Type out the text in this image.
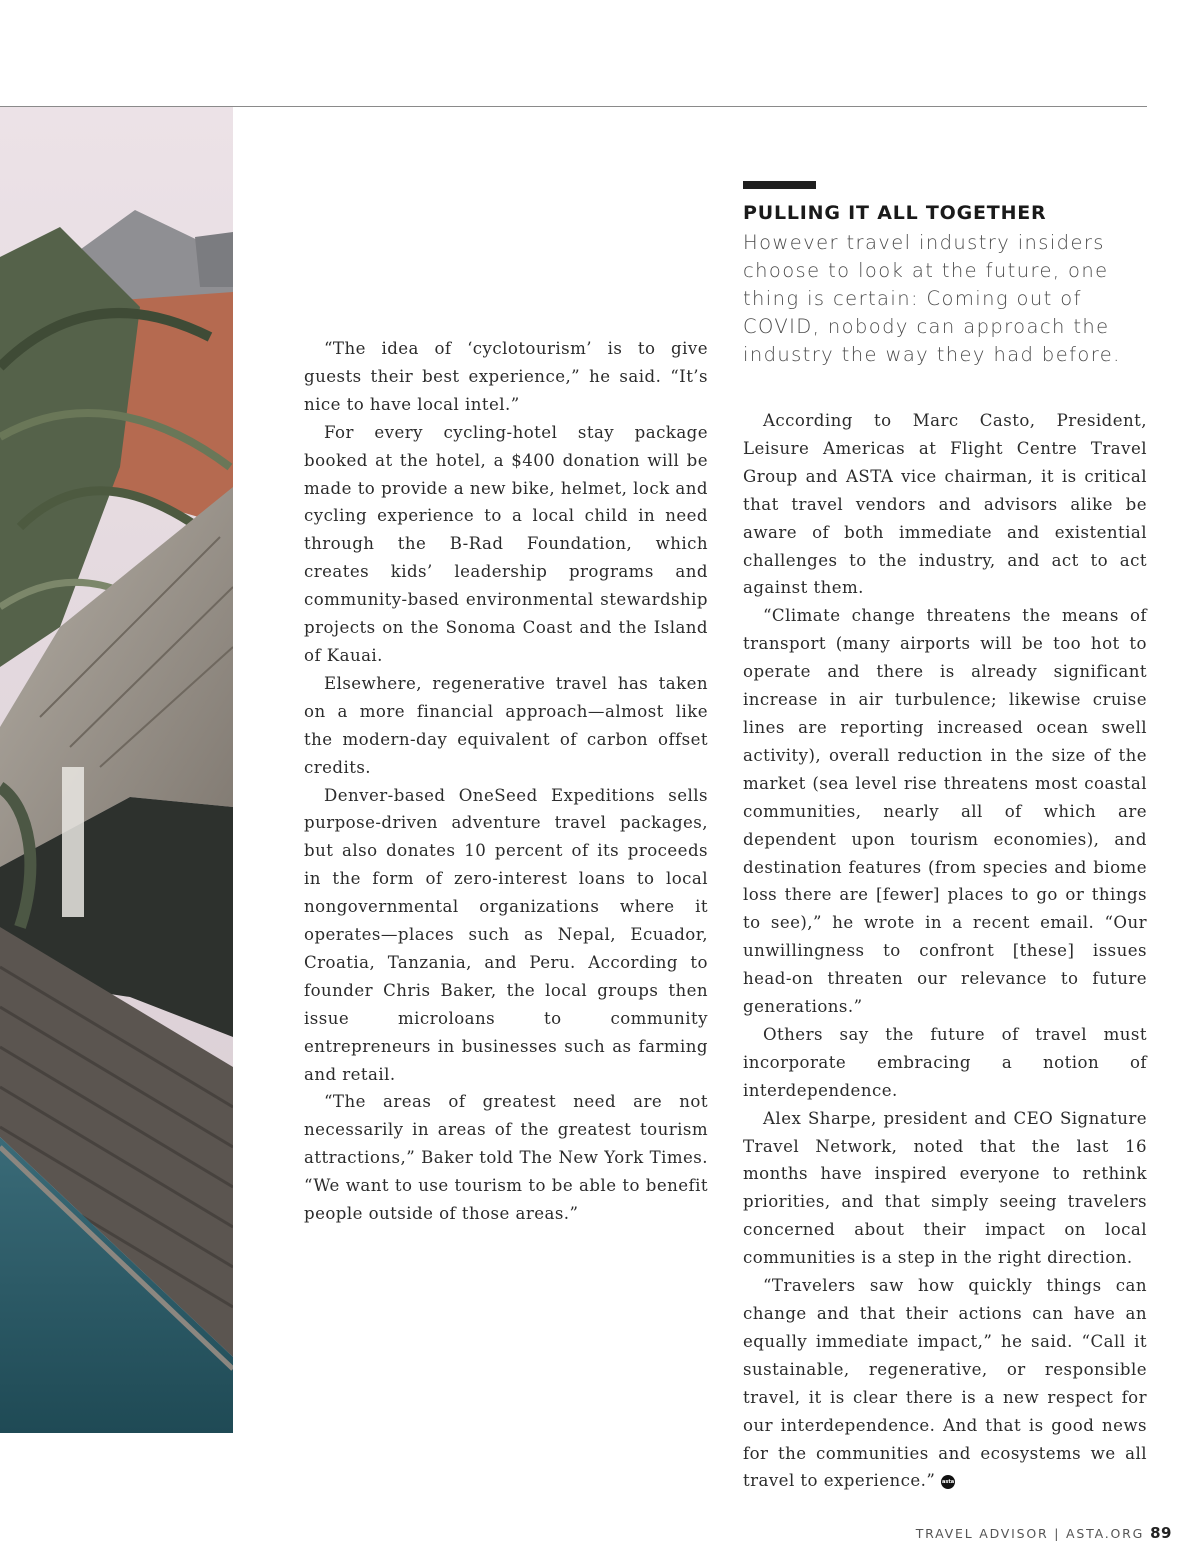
“The idea of ‘cyclotourism’ is to give guests their best experience,” he said. “It’s nice to have local intel.”

For every cycling-hotel stay package booked at the hotel, a $400 donation will be made to provide a new bike, helmet, lock and cycling experience to a local child in need through the B-Rad Foundation, which creates kids’ leadership programs and community-based environmental stewardship projects on the Sonoma Coast and the Island of Kauai.

Elsewhere, regenerative travel has taken on a more financial approach—almost like the modern-day equivalent of carbon offset credits.

Denver-based OneSeed Expeditions sells purpose-driven adventure travel packages, but also donates 10 percent of its proceeds in the form of zero-interest loans to local nongovernmental organizations where it operates—places such as Nepal, Ecuador, Croatia, Tanzania, and Peru. According to founder Chris Baker, the local groups then issue microloans to community entrepreneurs in businesses such as farming and retail.

“The areas of greatest need are not necessarily in areas of the greatest tourism attractions,” Baker told The New York Times. “We want to use tourism to be able to benefit people outside of those areas.”

PULLING IT ALL TOGETHER

However travel industry insiders choose to look at the future, one thing is certain: Coming out of COVID, nobody can approach the industry the way they had before.

According to Marc Casto, President, Leisure Americas at Flight Centre Travel Group and ASTA vice chairman, it is critical that travel vendors and advisors alike be aware of both immediate and existential challenges to the industry, and act to act against them.

“Climate change threatens the means of transport (many airports will be too hot to operate and there is already significant increase in air turbulence; likewise cruise lines are reporting increased ocean swell activity), overall reduction in the size of the market (sea level rise threatens most coastal communities, nearly all of which are dependent upon tourism economies), and destination features (from species and biome loss there are [fewer] places to go or things to see),” he wrote in a recent email. “Our unwillingness to confront [these] issues head-on threaten our relevance to future generations.”

Others say the future of travel must incorporate embracing a notion of interdependence.

Alex Sharpe, president and CEO Signature Travel Network, noted that the last 16 months have inspired everyone to rethink priorities, and that simply seeing travelers concerned about their impact on local communities is a step in the right direction.

“Travelers saw how quickly things can change and that their actions can have an equally immediate impact,” he said. “Call it sustainable, regenerative, or responsible travel, it is clear there is a new respect for our interdependence. And that is good news for the communities and ecosystems we all travel to experience.” asta

TRAVEL ADVISOR | ASTA.ORG 89
